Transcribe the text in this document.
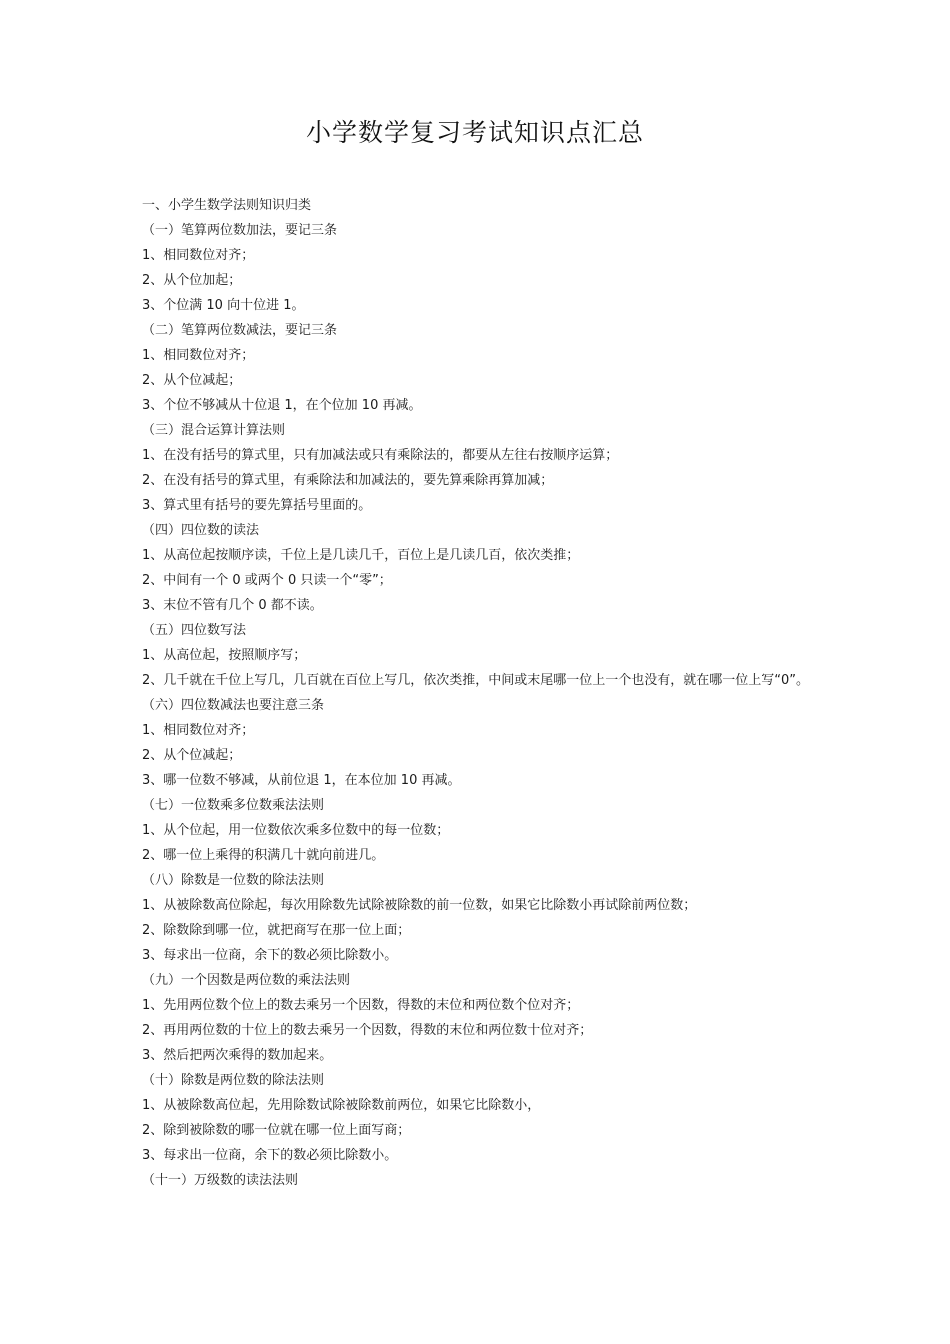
小学数学复习考试知识点汇总
一、小学生数学法则知识归类
（一）笔算两位数加法，要记三条
1、相同数位对齐；
2、从个位加起；
3、个位满 10 向十位进 1。
（二）笔算两位数减法，要记三条
1、相同数位对齐；
2、从个位减起；
3、个位不够减从十位退 1，在个位加 10 再减。
（三）混合运算计算法则
1、在没有括号的算式里，只有加减法或只有乘除法的，都要从左往右按顺序运算；
2、在没有括号的算式里，有乘除法和加减法的，要先算乘除再算加减；
3、算式里有括号的要先算括号里面的。
（四）四位数的读法
1、从高位起按顺序读，千位上是几读几千，百位上是几读几百，依次类推；
2、中间有一个 0 或两个 0 只读一个“零”；
3、末位不管有几个 0 都不读。
（五）四位数写法
1、从高位起，按照顺序写；
2、几千就在千位上写几，几百就在百位上写几，依次类推，中间或末尾哪一位上一个也没有，就在哪一位上写“0”。
（六）四位数减法也要注意三条
1、相同数位对齐；
2、从个位减起；
3、哪一位数不够减，从前位退 1，在本位加 10 再减。
（七）一位数乘多位数乘法法则
1、从个位起，用一位数依次乘多位数中的每一位数；
2、哪一位上乘得的积满几十就向前进几。
（八）除数是一位数的除法法则
1、从被除数高位除起，每次用除数先试除被除数的前一位数，如果它比除数小再试除前两位数；
2、除数除到哪一位，就把商写在那一位上面；
3、每求出一位商，余下的数必须比除数小。
（九）一个因数是两位数的乘法法则
1、先用两位数个位上的数去乘另一个因数，得数的末位和两位数个位对齐；
2、再用两位数的十位上的数去乘另一个因数，得数的末位和两位数十位对齐；
3、然后把两次乘得的数加起来。
（十）除数是两位数的除法法则
1、从被除数高位起，先用除数试除被除数前两位，如果它比除数小，
2、除到被除数的哪一位就在哪一位上面写商；
3、每求出一位商，余下的数必须比除数小。
（十一）万级数的读法法则
